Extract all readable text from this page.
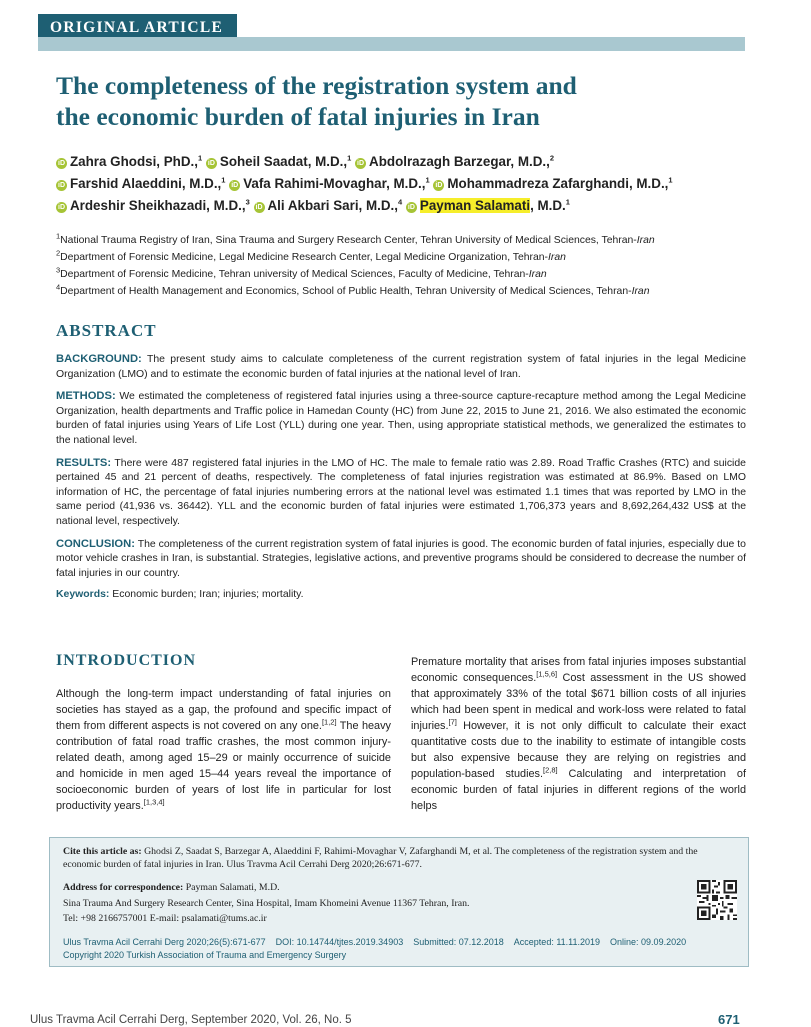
ORIGINAL ARTICLE
The completeness of the registration system and
the economic burden of fatal injuries in Iran
iD Zahra Ghodsi, PhD.,$^1$ iD Soheil Saadat, M.D.,$^1$ iD Abdolrazagh Barzegar, M.D.,$^2$
iD Farshid Alaeddini, M.D.,$^1$ iD Vafa Rahimi-Movaghar, M.D.,$^1$ iD Mohammadreza Zafarghandi, M.D.,$^1$
iD Ardeshir Sheikhazadi, M.D.,$^3$ iD Ali Akbari Sari, M.D.,$^4$ iD Payman Salamati, M.D.$^1$
$^1$National Trauma Registry of Iran, Sina Trauma and Surgery Research Center, Tehran University of Medical Sciences, Tehran-Iran
$^2$Department of Forensic Medicine, Legal Medicine Research Center, Legal Medicine Organization, Tehran-Iran
$^3$Department of Forensic Medicine, Tehran university of Medical Sciences, Faculty of Medicine, Tehran-Iran
$^4$Department of Health Management and Economics, School of Public Health, Tehran University of Medical Sciences, Tehran-Iran
ABSTRACT

BACKGROUND: The present study aims to calculate completeness of the current registration system of fatal injuries in the legal Medicine Organization (LMO) and to estimate the economic burden of fatal injuries at the national level of Iran.

METHODS: We estimated the completeness of registered fatal injuries using a three-source capture-recapture method among the Legal Medicine Organization, health departments and Traffic police in Hamedan County (HC) from June 22, 2015 to June 21, 2016. We also estimated the economic burden of fatal injuries using Years of Life Lost (YLL) during one year. Then, using appropriate statistical methods, we generalized the estimates to the national level.

RESULTS: There were 487 registered fatal injuries in the LMO of HC. The male to female ratio was 2.89. Road Traffic Crashes (RTC) and suicide pertained 45 and 21 percent of deaths, respectively. The completeness of fatal injuries registration was estimated at 86.9%. Based on LMO information of HC, the percentage of fatal injuries numbering errors at the national level was estimated 1.1 times that was reported by LMO in the same period (41,936 vs. 36442). YLL and the economic burden of fatal injuries were estimated 1,706,373 years and 8,692,264,432 US$ at the national level, respectively.

CONCLUSION: The completeness of the current registration system of fatal injuries is good. The economic burden of fatal injuries, especially due to motor vehicle crashes in Iran, is substantial. Strategies, legislative actions, and preventive programs should be considered to decrease the number of fatal injuries in our country.

Keywords: Economic burden; Iran; injuries; mortality.

INTRODUCTION

Although the long-term impact understanding of fatal injuries on societies has stayed as a gap, the profound and specific impact of them from different aspects is not covered on any one.[1,2] The heavy contribution of fatal road traffic crashes, the most common injury-related death, among aged 15–29 or mainly occurrence of suicide and homicide in men aged 15–44 years reveal the importance of socioeconomic burden of years of lost life in particular for lost productivity years.[1,3,4]

Premature mortality that arises from fatal injuries imposes substantial economic consequences.[1,5,6] Cost assessment in the US showed that approximately 33% of the total $671 billion costs of all injuries which had been spent in medical and work-loss were related to fatal injuries.[7] However, it is not only difficult to calculate their exact quantitative costs due to the inability to estimate of intangible costs but also expensive because they are relying on registries and population-based studies.[2,8] Calculating and interpretation of economic burden of fatal injuries in different regions of the world helps

Cite this article as: Ghodsi Z, Saadat S, Barzegar A, Alaeddini F, Rahimi-Movaghar V, Zafarghandi M, et al. The completeness of the registration system and the economic burden of fatal injuries in Iran. Ulus Travma Acil Cerrahi Derg 2020;26:671-677.
Address for correspondence: Payman Salamati, M.D.
Sina Trauma And Surgery Research Center, Sina Hospital, Imam Khomeini Avenue 11367 Tehran, Iran.
Tel: +98 2166757001 E-mail: psalamati@tums.ac.ir
Ulus Travma Acil Cerrahi Derg 2020;26(5):671-677 DOI: 10.14744/tjtes.2019.34903 Submitted: 07.12.2018 Accepted: 11.11.2019 Online: 09.09.2020
Copyright 2020 Turkish Association of Trauma and Emergency Surgery
Ulus Travma Acil Cerrahi Derg, September 2020, Vol. 26, No. 5	671
